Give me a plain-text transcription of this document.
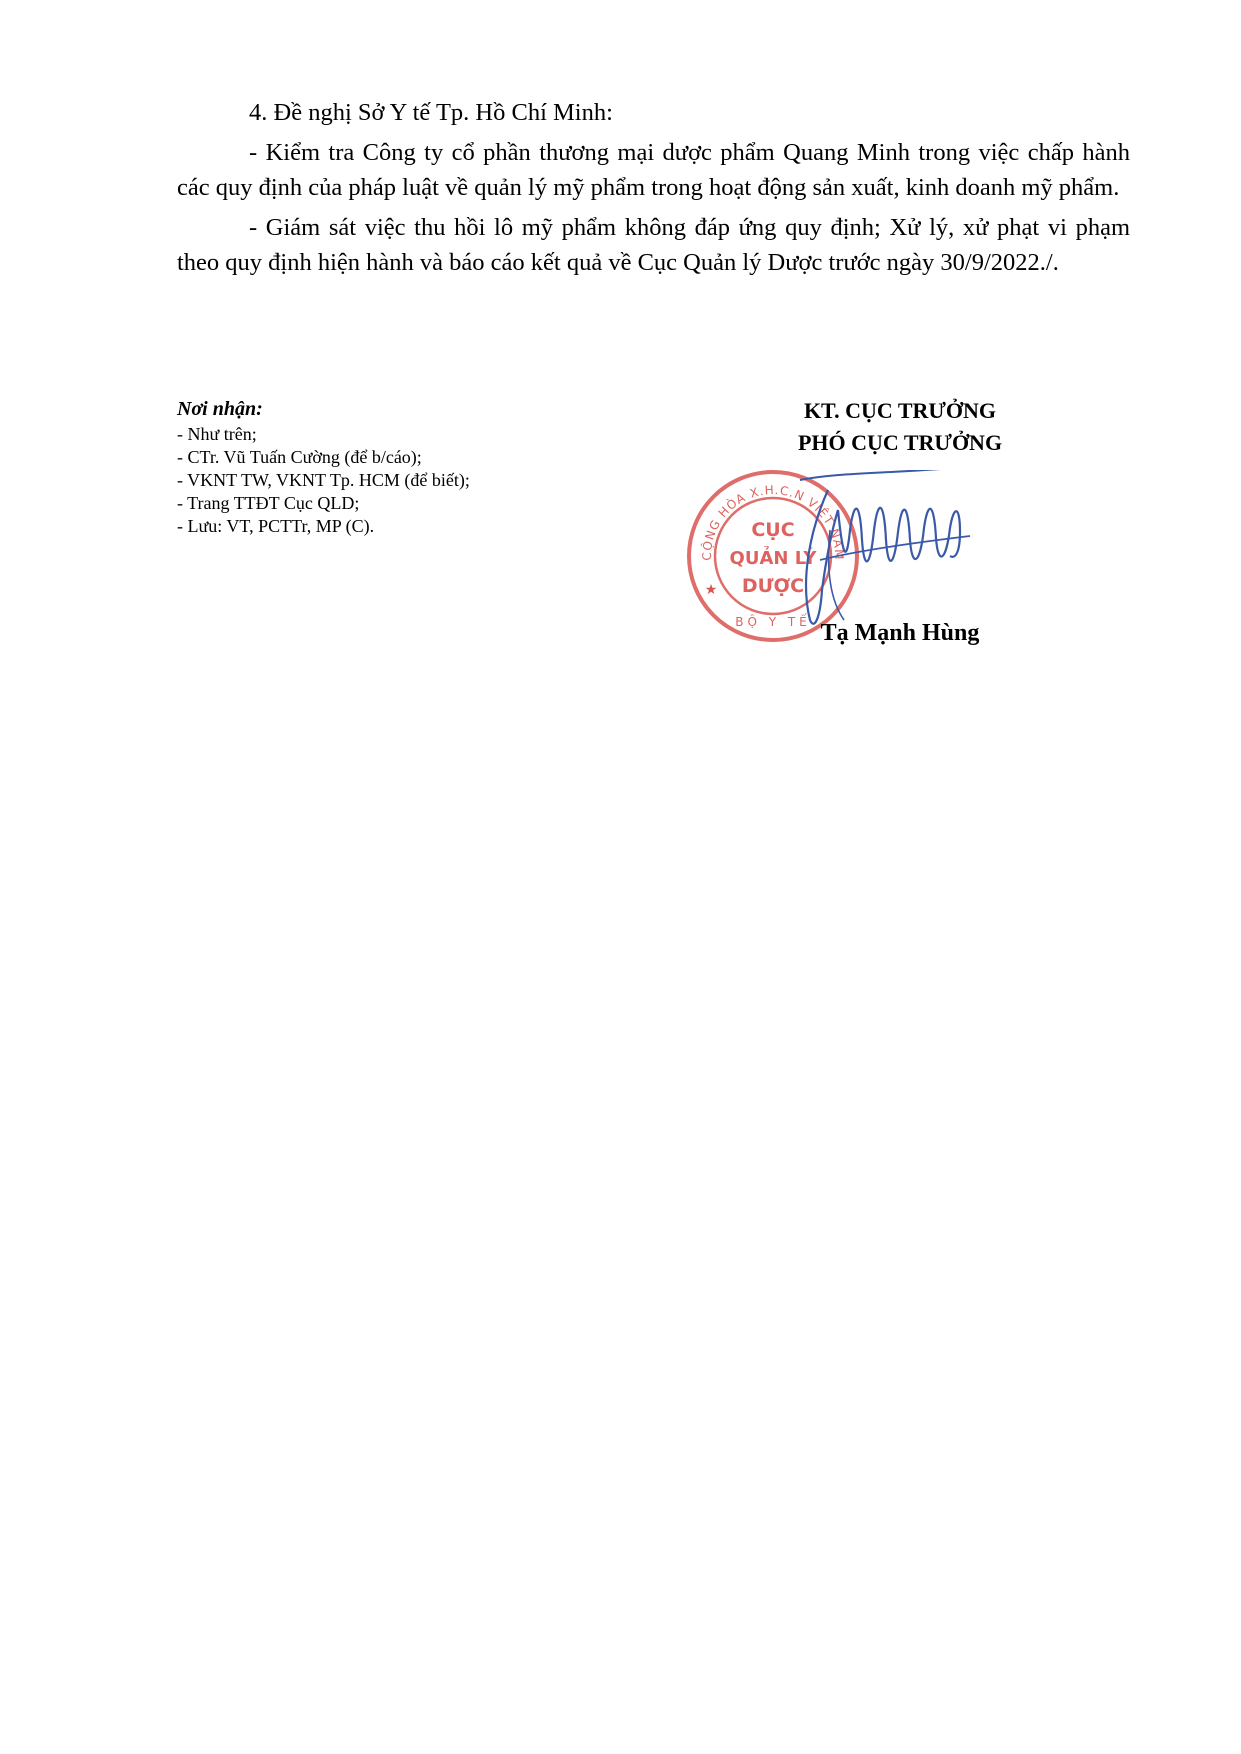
4. Đề nghị Sở Y tế Tp. Hồ Chí Minh:

- Kiểm tra Công ty cổ phần thương mại dược phẩm Quang Minh trong việc chấp hành các quy định của pháp luật về quản lý mỹ phẩm trong hoạt động sản xuất, kinh doanh mỹ phẩm.

- Giám sát việc thu hồi lô mỹ phẩm không đáp ứng quy định; Xử lý, xử phạt vi phạm theo quy định hiện hành và báo cáo kết quả về Cục Quản lý Dược trước ngày 30/9/2022./.

Nơi nhận:
- Như trên;
- CTr. Vũ Tuấn Cường (để b/cáo);
- VKNT TW, VKNT Tp. HCM (để biết);
- Trang TTĐT Cục QLD;
- Lưu: VT, PCTTr, MP (C).
KT. CỤC TRƯỞNG
PHÓ CỤC TRƯỞNG
CỘNG HÒA X.H.C.N VIỆT NAM
BỘ Y TẾ
★
CỤC
QUẢN LÝ
DƯỢC
Tạ Mạnh Hùng
